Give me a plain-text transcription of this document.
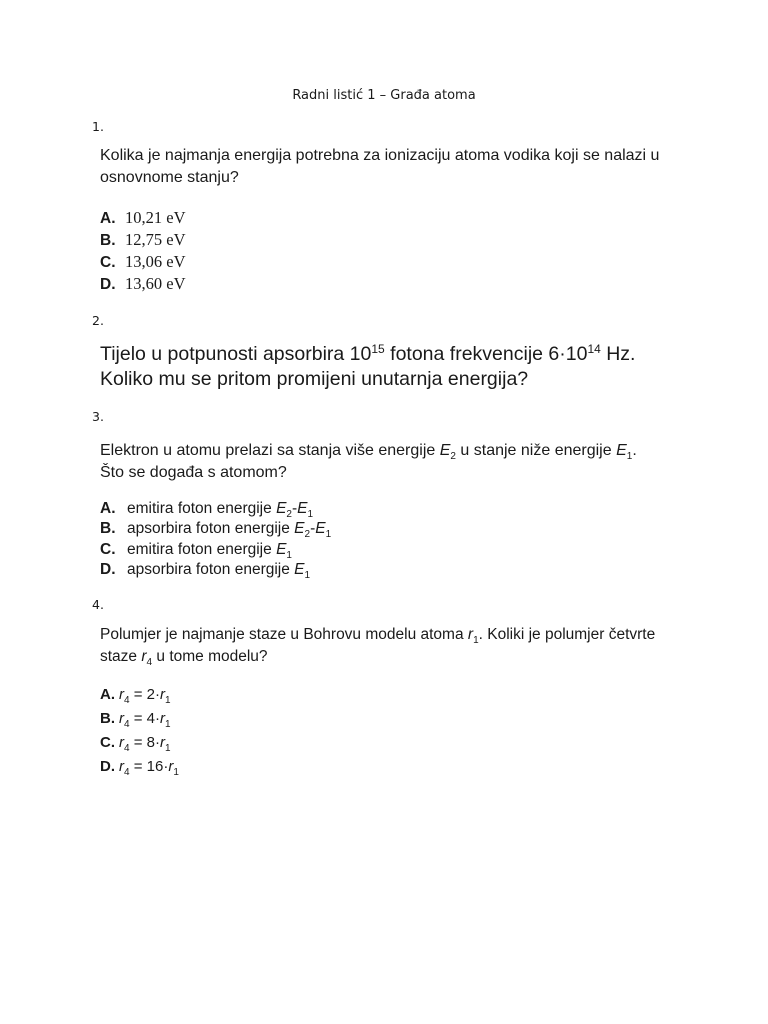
Radni listić 1 – Građa atoma
1.
Kolika je najmanja energija potrebna za ionizaciju atoma vodika koji se nalazi u
osnovnome stanju?
A. 10,21 eV
B. 12,75 eV
C. 13,06 eV
D. 13,60 eV
2.
Tijelo u potpunosti apsorbira $10^{15}$ fotona frekvencije $6\cdot 10^{14}$ Hz.
Koliko mu se pritom promijeni unutarnja energija?
3.
Elektron u atomu prelazi sa stanja više energije $E_2$ u stanje niže energije $E_1$.
Što se događa s atomom?
A. emitira foton energije $E_2-E_1$
B. apsorbira foton energije $E_2-E_1$
C. emitira foton energije $E_1$
D. apsorbira foton energije $E_1$
4.
Polumjer je najmanje staze u Bohrovu modelu atoma $r_1$. Koliki je polumjer četvrte
staze $r_4$ u tome modelu?
A. $r_4 = 2\cdot r_1$
B. $r_4 = 4\cdot r_1$
C. $r_4 = 8\cdot r_1$
D. $r_4 = 16\cdot r_1$
